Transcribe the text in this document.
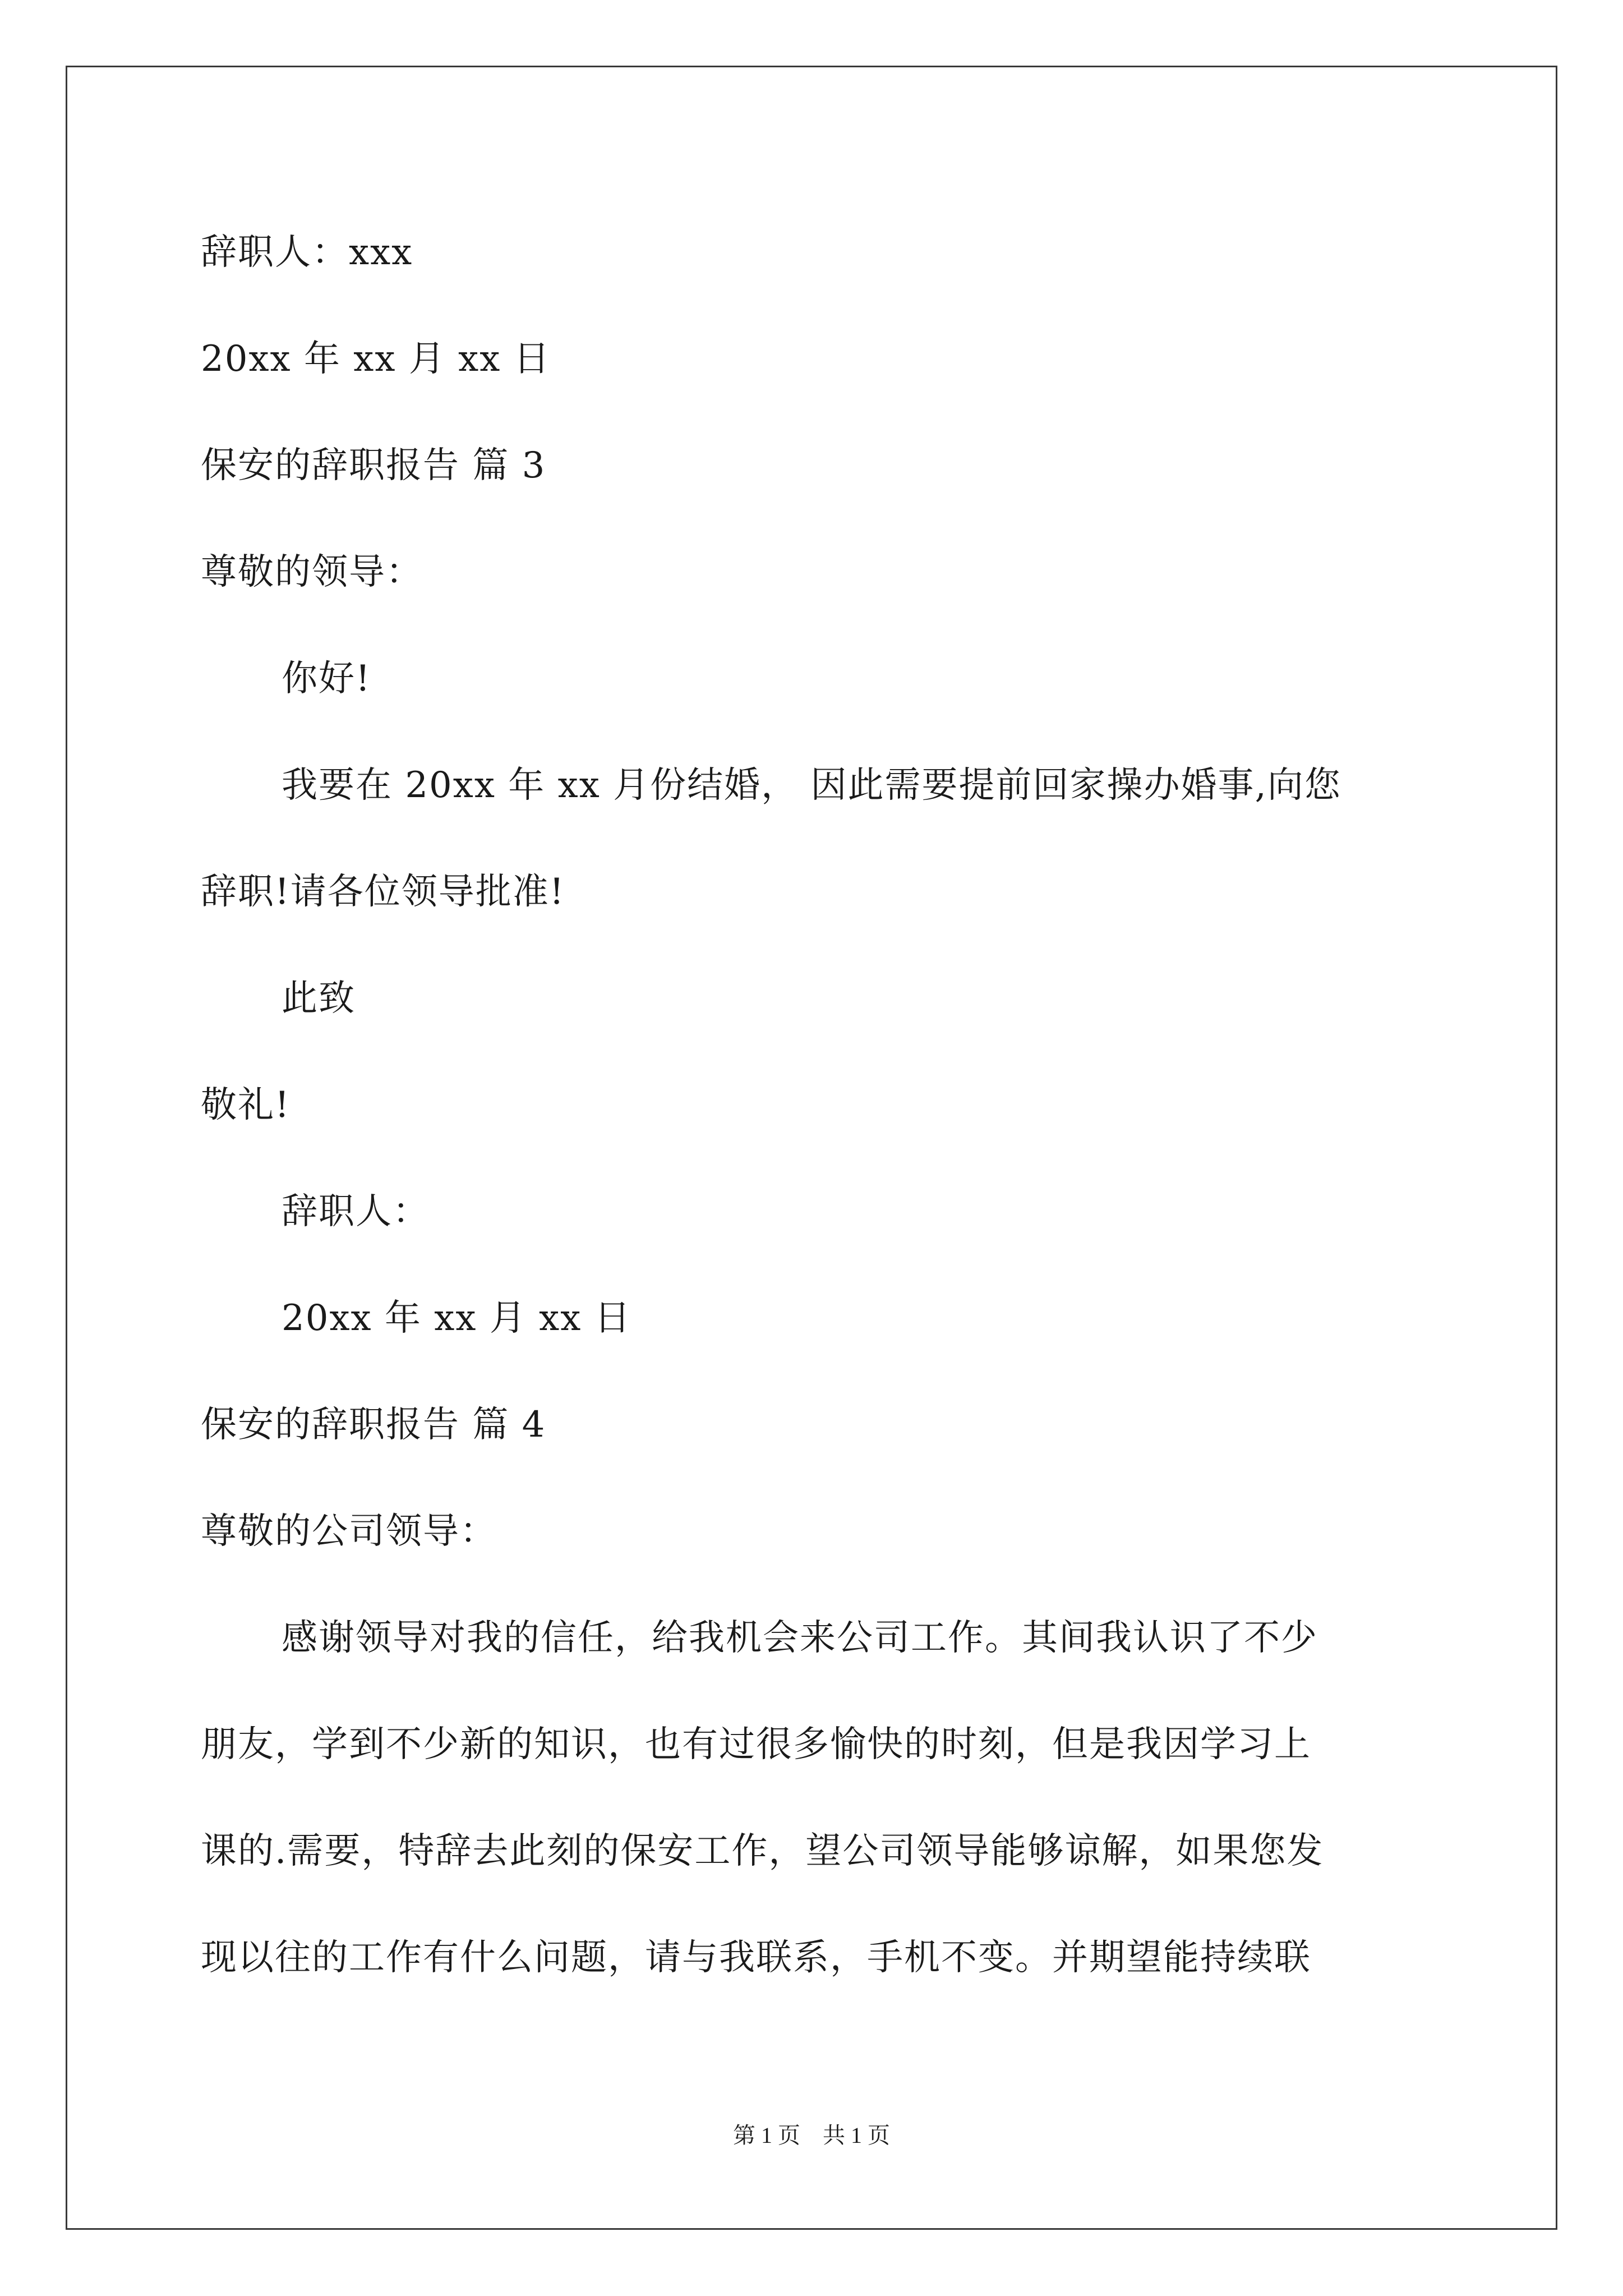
辞职人：xxx
20xx 年 xx 月 xx 日
保安的辞职报告 篇 3
尊敬的领导：
你好!
我要在 20xx 年 xx 月份结婚， 因此需要提前回家操办婚事,向您
辞职!请各位领导批准!
此致
敬礼!
辞职人：
20xx 年 xx 月 xx 日
保安的辞职报告 篇 4
尊敬的公司领导：
感谢领导对我的信任，给我机会来公司工作。其间我认识了不少
朋友，学到不少新的知识，也有过很多愉快的时刻，但是我因学习上
课的.需要，特辞去此刻的保安工作，望公司领导能够谅解，如果您发
现以往的工作有什么问题，请与我联系，手机不变。并期望能持续联
第 1 页　共 1 页
